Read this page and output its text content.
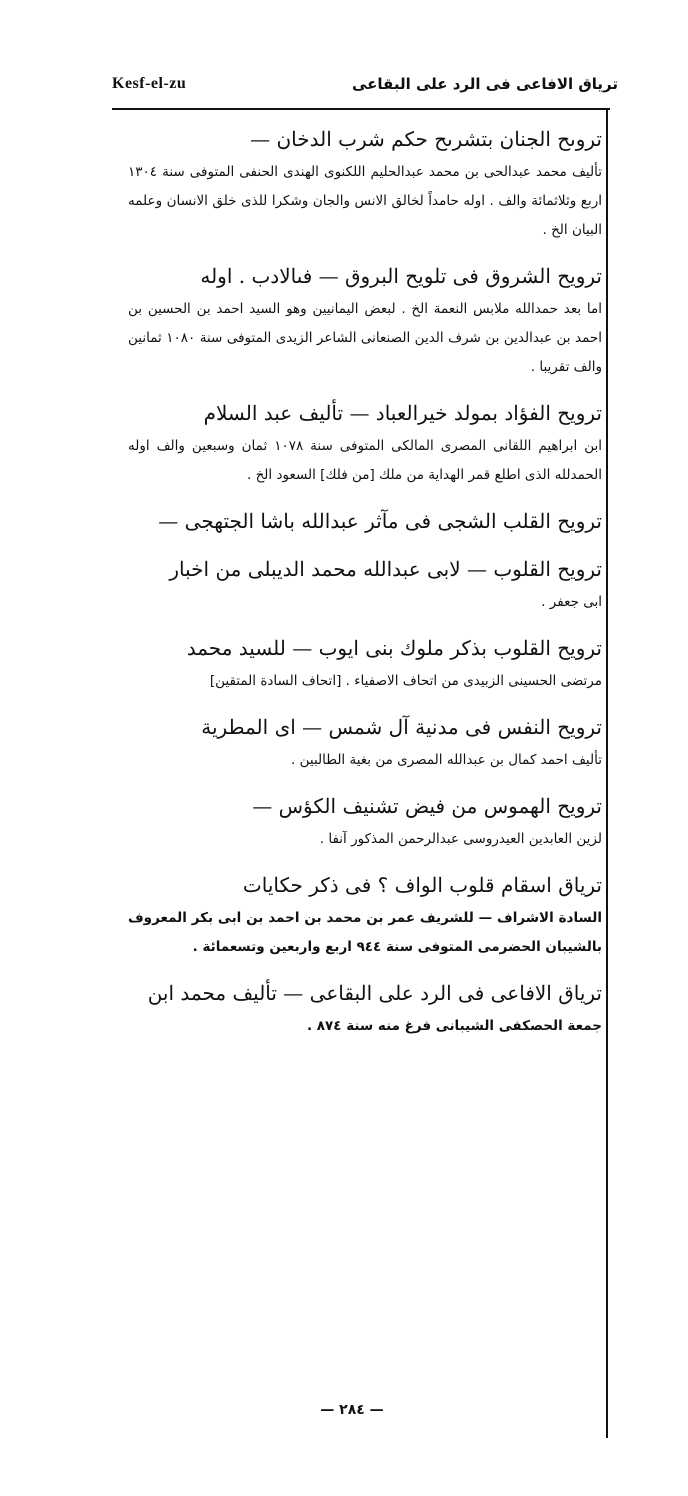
Kesf-el-zu	ترياق الافاعى فى الرد على البقاعى
تروىح الجنان بتشرىح حكم شرب الدخان —
تأليف محمد عبدالحى بن محمد عبدالحليم اللكنوى الهندى الحنفى المتوفى سنة ١٣٠٤ اربع وثلاثمائة والف . اوله حامداً لخالق الانس والجان وشكرا للذى خلق الانسان وعلمه البيان الخ .
ترويح الشروق فى تلويح البروق — فىالادب . اوله
اما بعد حمدالله ملابس النعمة الخ . لبعض اليمانيين وهو السيد احمد بن الحسين بن احمد بن عبدالدين بن شرف الدين الصنعانى الشاعر الزيدى المتوفى سنة ١٠٨٠ ثمانين والف تقريبا .
ترويح الفؤاد بمولد خيرالعباد — تأليف عبد السلام
ابن ابراهيم اللقانى المصرى المالكى المتوفى سنة ١٠٧٨ ثمان وسبعين والف اوله الحمدلله الذى اطلع قمر الهداية من ملك [من فلك] السعود الخ .
ترويح القلب الشجى فى مآثر عبدالله باشا الجتهجى —
ترويح القلوب — لابى عبدالله محمد الديبلى من اخبار
ابى جعفر .
ترويح القلوب بذكر ملوك بنى ايوب — للسيد محمد
مرتضى الحسينى الزبيدى من اتحاف الاصفياء . [اتحاف السادة المتقين]
ترويح النفس فى مدنية آل شمس — اى المطرية
تأليف احمد كمال بن عبدالله المصرى من بغية الطالبين .
ترويح الهموس من فيض تشنيف الكؤس —
لزين العابدين العيدروسى عبدالرحمن المذكور آنفا .
ترياق اسقام قلوب الواف ؟ فى ذكر حكايات
السادة الاشراف — للشريف عمر بن محمد بن احمد بن ابى بكر المعروف بالشيبان الحضرمى المتوفى سنة ٩٤٤ اربع واربعين وتسعمائة .
ترياق الافاعى فى الرد على البقاعى — تأليف محمد ابن
جمعة الحصكفى الشيبانى فرغ منه سنة ٨٧٤ .
— ٢٨٤ —
